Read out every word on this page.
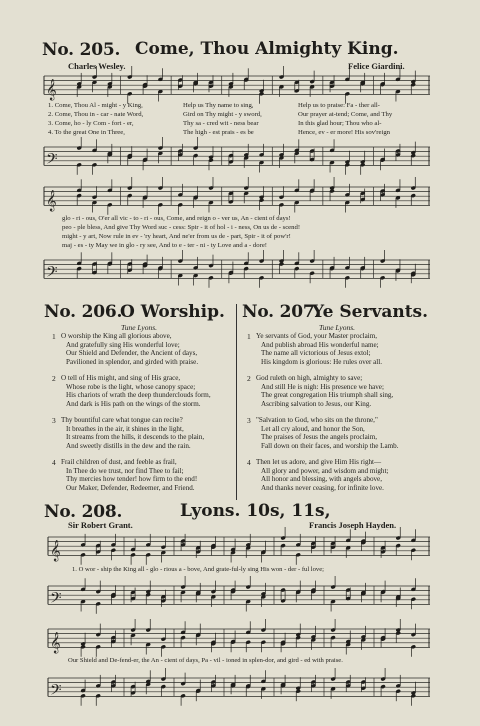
No. 205. Come, Thou Almighty King.
Charles Wesley.	Felice Giardini.
𝄞
1. Come, Thou Al - might - y King,
2. Come, Thou in - car - nate Word,
3. Come, ho - ly Com - fort - er,
4. To the great One in Three,
Help us Thy name to sing,
Gird on Thy might - y sword,
Thy sa - cred wit - ness bear
The high - est prais - es be
Help us to praise: Fa - ther all-
Our prayer at-tend; Come, and Thy
In this glad hour; Thou who al-
Hence, ev - er more! His sov'reign
𝄢
𝄞
glo - ri - ous, O'er all vic - to - ri - ous, Come, and reign o - ver us, An - cient of days!
peo - ple bless, And give Thy Word suc - cess: Spir - it of hol - i - ness, On us de - scend!
might - y art, Now rule in ev - 'ry heart, And ne'er from us de - part, Spir - it of pow'r!
maj - es - ty May we in glo - ry see, And to e - ter - ni - ty Love and a - dore!
𝄢
No. 206.
O Worship.
Tune Lyons.
1 O worship the King all glorious above,
And gratefully sing His wonderful love;
Our Shield and Defender, the Ancient of days,
Pavilioned in splendor, and girded with praise.
2 O tell of His might, and sing of His grace,
Whose robe is the light, whose canopy space;
His chariots of wrath the deep thunderclouds form,
And dark is His path on the wings of the storm.
3 Thy bountiful care what tongue can recite?
It breathes in the air, it shines in the light,
It streams from the hills, it descends to the plain,
And sweetly distills in the dew and the rain.
4 Frail children of dust, and feeble as frail,
In Thee do we trust, nor find Thee to fail;
Thy mercies how tender! how firm to the end!
Our Maker, Defender, Redeemer, and Friend.
No. 207.
Ye Servants.
Tune Lyons.
1 Ye servants of God, your Master proclaim,
And publish abroad His wonderful name;
The name all victorious of Jesus extol;
His kingdom is glorious: He rules over all.
2 God ruleth on high, almighty to save;
And still He is nigh: His presence we have;
The great congregation His triumph shall sing,
Ascribing salvation to Jesus, our King.
3 "Salvation to God, who sits on the throne,"
Let all cry aloud, and honor the Son,
The praises of Jesus the angels proclaim,
Fall down on their faces, and worship the Lamb.
4 Then let us adore, and give Him His right—
All glory and power, and wisdom and might;
All honor and blessing, with angels above,
And thanks never ceasing, for infinite love.
No. 208.	Lyons. 10s, 11s,
Sir Robert Grant.	Francis Joseph Hayden.
𝄞
1. O wor - ship the King all - glo - rious a - bove, And grate-ful-ly sing His won - der - ful love;
𝄢
𝄞
Our Shield and De-fend-er, the An - cient of days, Pa - vil - ioned in splen-dor, and gird - ed with praise.
𝄢
